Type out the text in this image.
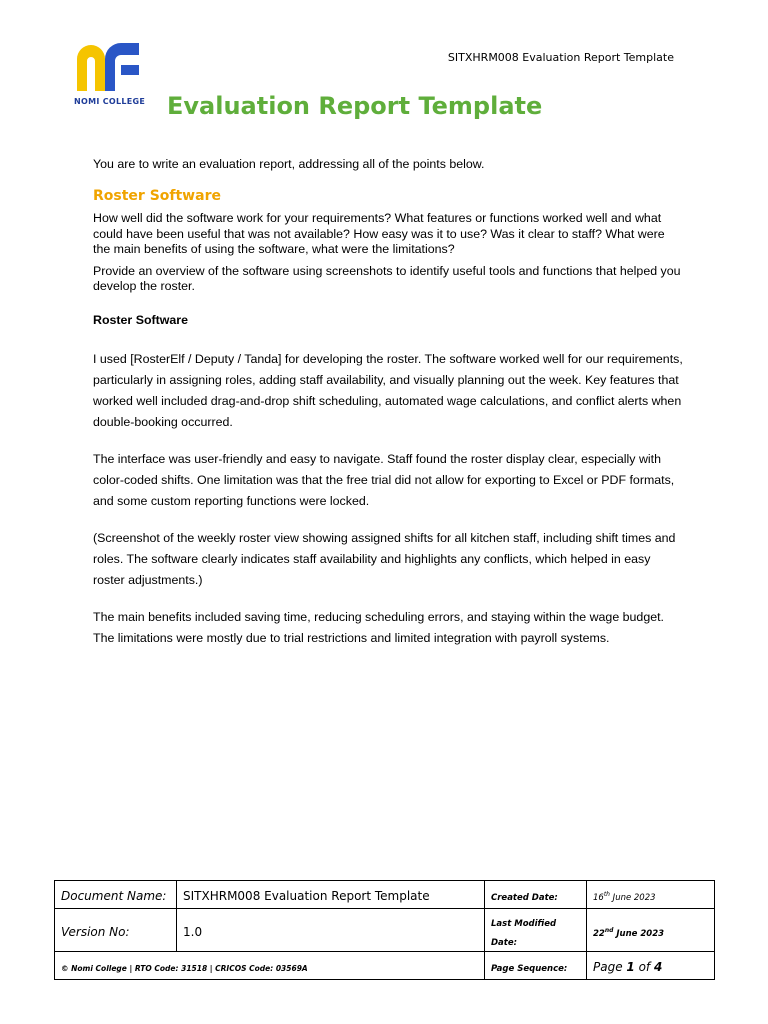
NOMI COLLEGE
SITXHRM008 Evaluation Report Template
Evaluation Report Template

You are to write an evaluation report, addressing all of the points below.

Roster Software

How well did the software work for your requirements? What features or functions worked well and what could have been useful that was not available? How easy was it to use? Was it clear to staff? What were the main benefits of using the software, what were the limitations?

Provide an overview of the software using screenshots to identify useful tools and functions that helped you develop the roster.

Roster Software

I used [RosterElf / Deputy / Tanda] for developing the roster. The software worked well for our requirements, particularly in assigning roles, adding staff availability, and visually planning out the week. Key features that worked well included drag-and-drop shift scheduling, automated wage calculations, and conflict alerts when double-booking occurred.

The interface was user-friendly and easy to navigate. Staff found the roster display clear, especially with color-coded shifts. One limitation was that the free trial did not allow for exporting to Excel or PDF formats, and some custom reporting functions were locked.

(Screenshot of the weekly roster view showing assigned shifts for all kitchen staff, including shift times and roles. The software clearly indicates staff availability and highlights any conflicts, which helped in easy roster adjustments.)

The main benefits included saving time, reducing scheduling errors, and staying within the wage budget. The limitations were mostly due to trial restrictions and limited integration with payroll systems.

Document Name:	SITXHRM008 Evaluation Report Template	Created Date:	16th June 2023
Version No:	1.0	Last Modified Date:	22nd June 2023
© Nomi College | RTO Code: 31518 | CRICOS Code: 03569A		Page Sequence:	Page 1 of 4
